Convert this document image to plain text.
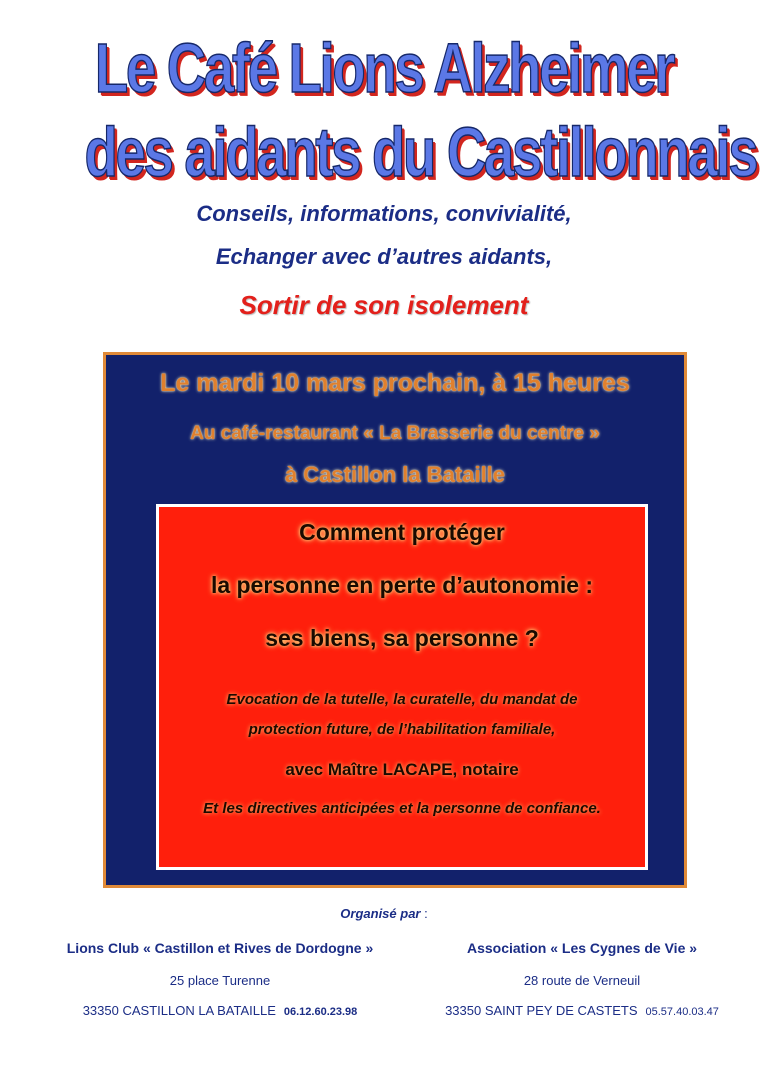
Le Café Lions Alzheimer
des aidants du Castillonnais
Conseils, informations, convivialité,
Echanger avec d’autres aidants,
Sortir de son isolement
Le mardi 10 mars prochain, à 15 heures
Au café-restaurant « La Brasserie du centre »
à Castillon la Bataille
Comment protéger
la personne en perte d’autonomie :
ses biens, sa personne ?
Evocation de la tutelle, la curatelle, du mandat de
protection future, de l’habilitation familiale,
avec Maître LACAPE, notaire
Et les directives anticipées et la personne de confiance.
Organisé par :
Lions Club « Castillon et Rives de Dordogne »
25 place Turenne
33350 CASTILLON LA BATAILLE 06.12.60.23.98
Association « Les Cygnes de Vie »
28 route de Verneuil
33350 SAINT PEY DE CASTETS 05.57.40.03.47
